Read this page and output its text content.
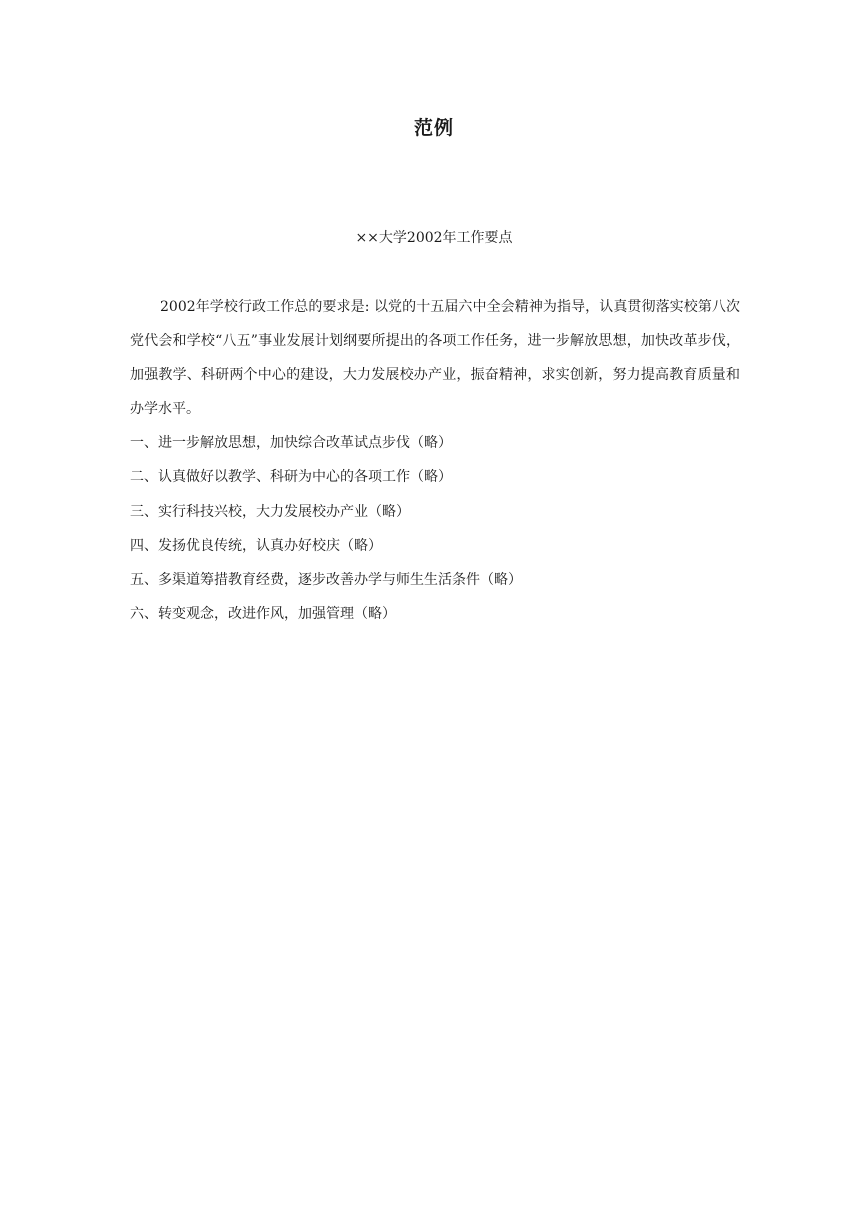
范例
××大学2002年工作要点

2002年学校行政工作总的要求是: 以党的十五届六中全会精神为指导，认真贯彻落实校第八次党代会和学校“八五”事业发展计划纲要所提出的各项工作任务，进一步解放思想，加快改革步伐，加强教学、科研两个中心的建设，大力发展校办产业，振奋精神，求实创新，努力提高教育质量和办学水平。

一、进一步解放思想，加快综合改革试点步伐（略）
二、认真做好以教学、科研为中心的各项工作（略）
三、实行科技兴校，大力发展校办产业（略）
四、发扬优良传统，认真办好校庆（略）
五、多渠道筹措教育经费，逐步改善办学与师生生活条件（略）
六、转变观念，改进作风，加强管理（略）
